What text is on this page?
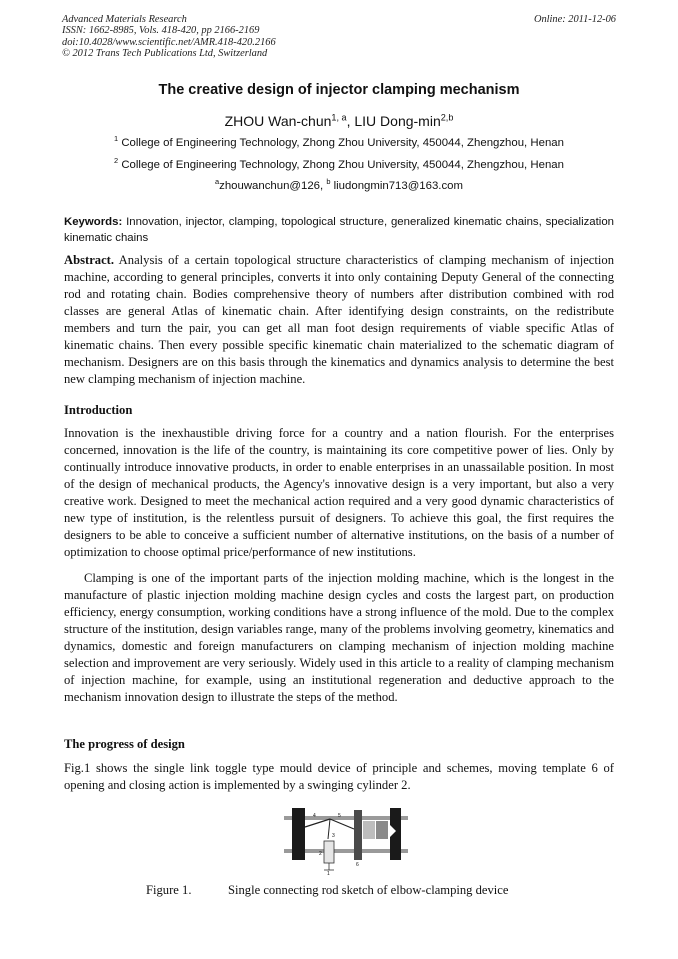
Advanced Materials Research
ISSN: 1662-8985, Vols. 418-420, pp 2166-2169
doi:10.4028/www.scientific.net/AMR.418-420.2166
© 2012 Trans Tech Publications Ltd, Switzerland
Online: 2011-12-06
The creative design of injector clamping mechanism
ZHOU Wan-chun$^{1, a}$, LIU Dong-$\min^{2,b}$
$^1$ College of Engineering Technology, Zhong Zhou University, 450044, Zhengzhou, Henan
$^2$ College of Engineering Technology, Zhong Zhou University, 450044, Zhengzhou, Henan
$^a$zhouwanchun@126, $^b$ liudongmin713@163.com
Keywords: Innovation, injector, clamping, topological structure, generalized kinematic chains, specialization kinematic chains
Abstract. Analysis of a certain topological structure characteristics of clamping mechanism of injection machine, according to general principles, converts it into only containing Deputy General of the connecting rod and rotating chain. Bodies comprehensive theory of numbers after distribution combined with rod classes are general Atlas of kinematic chain. After identifying design constraints, on the redistribute members and turn the pair, you can get all man foot design requirements of viable specific Atlas of kinematic chains. Then every possible specific kinematic chain materialized to the schematic diagram of mechanism. Designers are on this basis through the kinematics and dynamics analysis to determine the best new clamping mechanism of injection machine.
Introduction
Innovation is the inexhaustible driving force for a country and a nation flourish. For the enterprises concerned, innovation is the life of the country, is maintaining its core competitive power of lies. Only by continually introduce innovative products, in order to enable enterprises in an unassailable position. In most of the design of mechanical products, the Agency's innovative design is a very important, but also a very creative work. Designed to meet the mechanical action required and a very good dynamic characteristics of new type of institution, is the relentless pursuit of designers. To achieve this goal, the first requires the designers to be able to conceive a sufficient number of alternative institutions, on the basis of a number of optimization to choose optimal price/performance of new institutions.
Clamping is one of the important parts of the injection molding machine, which is the longest in the manufacture of plastic injection molding machine design cycles and costs the largest part, on production efficiency, energy consumption, working conditions have a strong influence of the mold. Due to the complex structure of the institution, design variables range, many of the problems involving geometry, kinematics and dynamics, domestic and foreign manufacturers on clamping mechanism of injection molding machine selection and improvement are very seriously. Widely used in this article to a reality of clamping mechanism of injection machine, for example, using an institutional regeneration and deductive approach to the mechanism innovation design to illustrate the steps of the method.
The progress of design
Fig.1 shows the single link toggle type mould device of principle and schemes, moving template 6 of opening and closing action is implemented by a swinging cylinder 2.
4	5
3
2
6
1
Figure 1.	Single connecting rod sketch of elbow-clamping device
